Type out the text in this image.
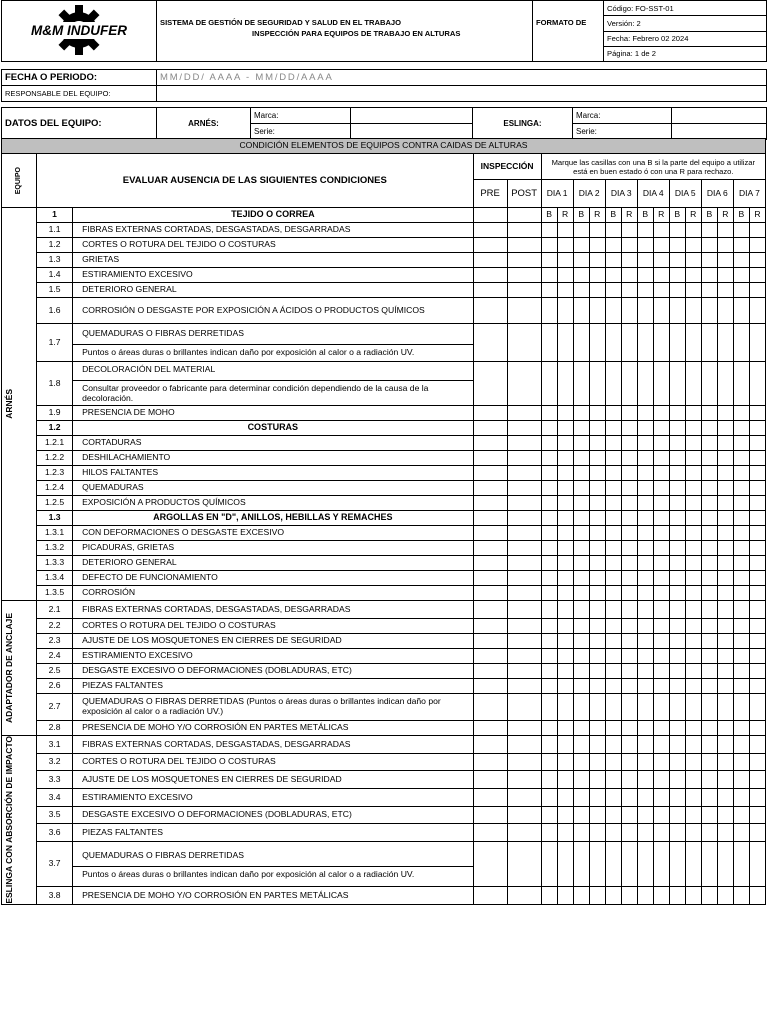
M&M INDUFER	SISTEMA DE GESTIÓN DE SEGURIDAD Y SALUD EN EL TRABAJO
INSPECCIÓN PARA EQUIPOS DE TRABAJO EN ALTURAS
	FORMATO DE	Código: FO-SST-01
Versión: 2
Fecha: Febrero 02 2024
Página: 1 de 2
FECHA O PERIODO:	MM/DD/ AAAA - MM/DD/AAAA					
RESPONSABLE DEL EQUIPO:						

DATOS DEL EQUIPO:	ARNÉS:	Marca:		ESLINGA:	Marca:	
		Serie:			Serie:	
CONDICIÓN ELEMENTOS DE EQUIPOS CONTRA CAIDAS DE ALTURAS																		

EQUIPO	EVALUAR AUSENCIA DE LAS SIGUIENTES CONDICIONES		INSPECCIÓN		Marque las casillas con una B si la parte del equipo a utilizar está en buen estado ó con una R para rechazo.													
			PRE	POST	DIA 1		DIA 2		DIA 3		DIA 4		DIA 5		DIA 6		DIA 7	

ARNÉS	1	TEJIDO O CORREA			B	R	B	R	B	R	B	R	B	R	B	R	B	R
	1.1	FIBRAS EXTERNAS CORTADAS, DESGASTADAS, DESGARRADAS																
	1.2	CORTES O ROTURA DEL TEJIDO O COSTURAS																
	1.3	GRIETAS																
	1.4	ESTIRAMIENTO EXCESIVO																
	1.5	DETERIORO GENERAL																
	1.6	CORROSIÓN O DESGASTE POR EXPOSICIÓN A ÁCIDOS O PRODUCTOS QUÍMICOS																
	1.7	QUEMADURAS O FIBRAS DERRETIDAS
Puntos o áreas duras o brillantes indican daño por exposición al calor o a radiación UV.																

	1.8	DECOLORACIÓN DEL MATERIAL
Consultar proveedor o fabricante para determinar condición dependiendo de la causa de la decoloración.																

	1.9	PRESENCIA DE MOHO																
	1.2	COSTURAS																
	1.2.1	CORTADURAS																
	1.2.2	DESHILACHAMIENTO																
	1.2.3	HILOS FALTANTES																
	1.2.4	QUEMADURAS																
	1.2.5	EXPOSICIÓN A PRODUCTOS QUÍMICOS																
	1.3	ARGOLLAS EN "D", ANILLOS, HEBILLAS Y REMACHES																
	1.3.1	CON DEFORMACIONES O DESGASTE EXCESIVO																
	1.3.2	PICADURAS, GRIETAS																
	1.3.3	DETERIORO GENERAL																
	1.3.4	DEFECTO DE FUNCIONAMIENTO																
	1.3.5	CORROSIÓN																

ADAPTADOR DE ANCLAJE	2.1	FIBRAS EXTERNAS CORTADAS, DESGASTADAS, DESGARRADAS																
	2.2	CORTES O ROTURA DEL TEJIDO O COSTURAS																
	2.3	AJUSTE DE LOS MOSQUETONES EN CIERRES DE SEGURIDAD																
	2.4	ESTIRAMIENTO EXCESIVO																
	2.5	DESGASTE EXCESIVO O DEFORMACIONES (DOBLADURAS, ETC)																
	2.6	PIEZAS FALTANTES																
	2.7	QUEMADURAS O FIBRAS DERRETIDAS (Puntos o áreas duras o brillantes indican daño por exposición al calor o a radiación UV.)																
	2.8	PRESENCIA DE MOHO Y/O CORROSIÓN EN PARTES METÁLICAS																

ESLINGA CON ABSORCIÓN DE IMPACTO	3.1	FIBRAS EXTERNAS CORTADAS, DESGASTADAS, DESGARRADAS																
	3.2	CORTES O ROTURA DEL TEJIDO O COSTURAS																
	3.3	AJUSTE DE LOS MOSQUETONES EN CIERRES DE SEGURIDAD																
	3.4	ESTIRAMIENTO EXCESIVO																
	3.5	DESGASTE EXCESIVO O DEFORMACIONES (DOBLADURAS, ETC)																
	3.6	PIEZAS FALTANTES																
	3.7	QUEMADURAS O FIBRAS DERRETIDAS
Puntos o áreas duras o brillantes indican daño por exposición al calor o a radiación UV.																

	3.8	PRESENCIA DE MOHO Y/O CORROSIÓN EN PARTES METÁLICAS																
